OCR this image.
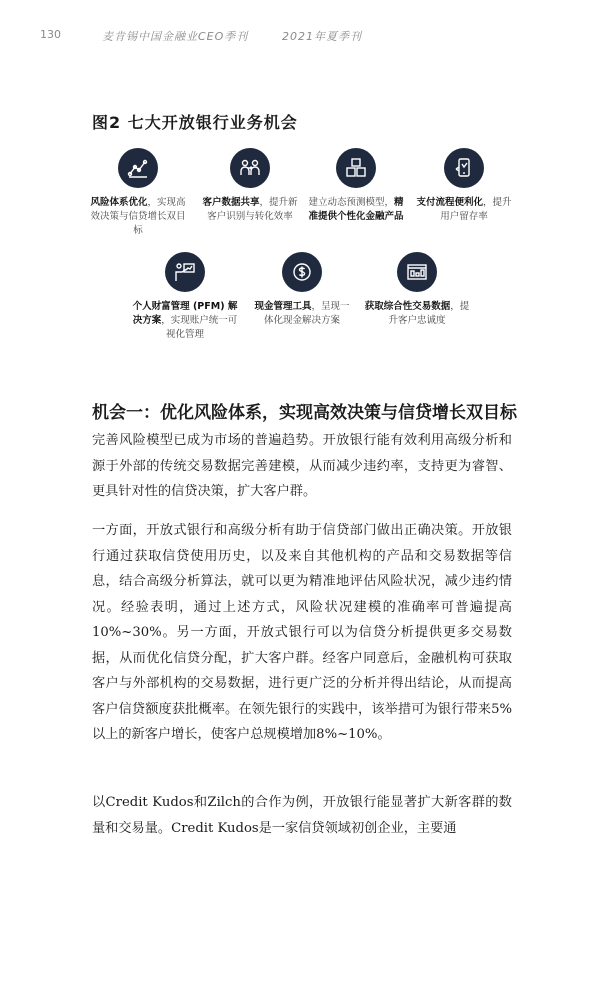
130	麦肯锡中国金融业CEO季刊	2021年夏季刊
图2 七大开放银行业务机会
风险体系优化，实现高效决策与信贷增长双目标
客户数据共享，提升新客户识别与转化效率
建立动态预测模型，精准提供个性化金融产品
支付流程便利化，提升用户留存率
个人财富管理 (PFM) 解决方案，实现账户统一可视化管理
现金管理工具，呈现一体化现金解决方案
获取综合性交易数据，提升客户忠诚度
机会一：优化风险体系，实现高效决策与信贷增长双目标

完善风险模型已成为市场的普遍趋势。开放银行能有效利用高级分析和源于外部的传统交易数据完善建模，从而减少违约率，支持更为睿智、更具针对性的信贷决策，扩大客户群。

一方面，开放式银行和高级分析有助于信贷部门做出正确决策。开放银行通过获取信贷使用历史，以及来自其他机构的产品和交易数据等信息，结合高级分析算法，就可以更为精准地评估风险状况，减少违约情况。经验表明，通过上述方式，风险状况建模的准确率可普遍提高10%~30%。另一方面，开放式银行可以为信贷分析提供更多交易数据，从而优化信贷分配，扩大客户群。经客户同意后，金融机构可获取客户与外部机构的交易数据，进行更广泛的分析并得出结论，从而提高客户信贷额度获批概率。在领先银行的实践中，该举措可为银行带来5%以上的新客户增长，使客户总规模增加8%~10%。

以Credit Kudos和Zilch的合作为例，开放银行能显著扩大新客群的数量和交易量。Credit Kudos是一家信贷领域初创企业，主要通
